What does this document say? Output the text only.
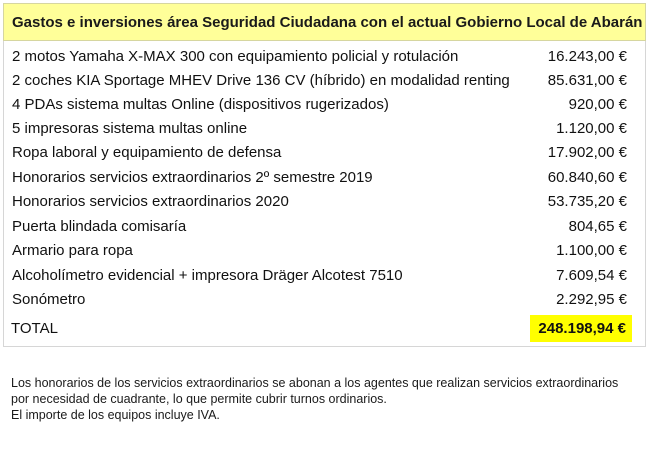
Gastos e inversiones área Seguridad Ciudadana con el actual Gobierno Local de Abarán
2 motos Yamaha X-MAX 300 con equipamiento policial y rotulación	16.243,00 €
2 coches KIA Sportage MHEV Drive 136 CV (híbrido) en modalidad renting	85.631,00 €
4 PDAs sistema multas Online (dispositivos rugerizados)	920,00 €
5 impresoras sistema multas online	1.120,00 €
Ropa laboral y equipamiento de defensa	17.902,00 €
Honorarios servicios extraordinarios 2º semestre 2019	60.840,60 €
Honorarios servicios extraordinarios 2020	53.735,20 €
Puerta blindada comisaría	804,65 €
Armario para ropa	1.100,00 €
Alcoholímetro evidencial + impresora Dräger Alcotest 7510	7.609,54 €
Sonómetro	2.292,95 €
TOTAL	248.198,94 €

Los honorarios de los servicios extraordinarios se abonan a los agentes que realizan servicios extraordinarios

por necesidad de cuadrante, lo que permite cubrir turnos ordinarios.

El importe de los equipos incluye IVA.
